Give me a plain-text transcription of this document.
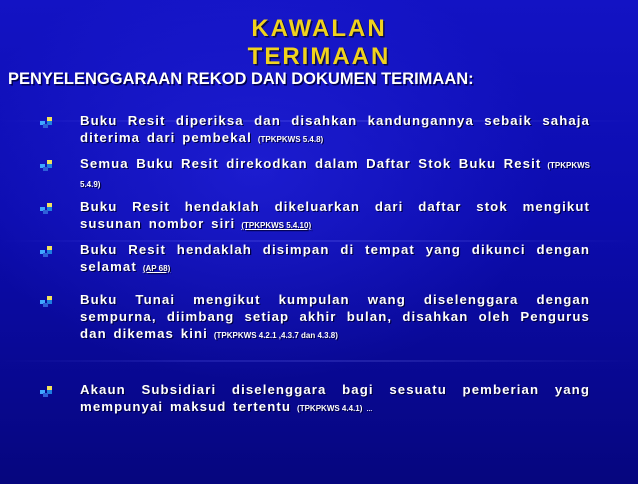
KAWALAN
TERIMAAN
PENYELENGGARAAN REKOD DAN DOKUMEN TERIMAAN:
Buku Resit diperiksa dan disahkan kandungannya sebaik sahaja diterima dari pembekal (TPKPKWS 5.4.8)
Semua Buku Resit direkodkan dalam Daftar Stok Buku Resit (TPKPKWS 5.4.9)
Buku Resit hendaklah dikeluarkan dari daftar stok mengikut susunan nombor siri (TPKPKWS 5.4.10)
Buku Resit hendaklah disimpan di tempat yang dikunci dengan selamat (AP 68)
Buku Tunai mengikut kumpulan wang diselenggara dengan sempurna, diimbang setiap akhir bulan, disahkan oleh Pengurus dan dikemas kini (TPKPKWS 4.2.1 ,4.3.7 dan 4.3.8)
Akaun Subsidiari diselenggara bagi sesuatu pemberian yang mempunyai maksud tertentu (TPKPKWS 4.4.1) …
